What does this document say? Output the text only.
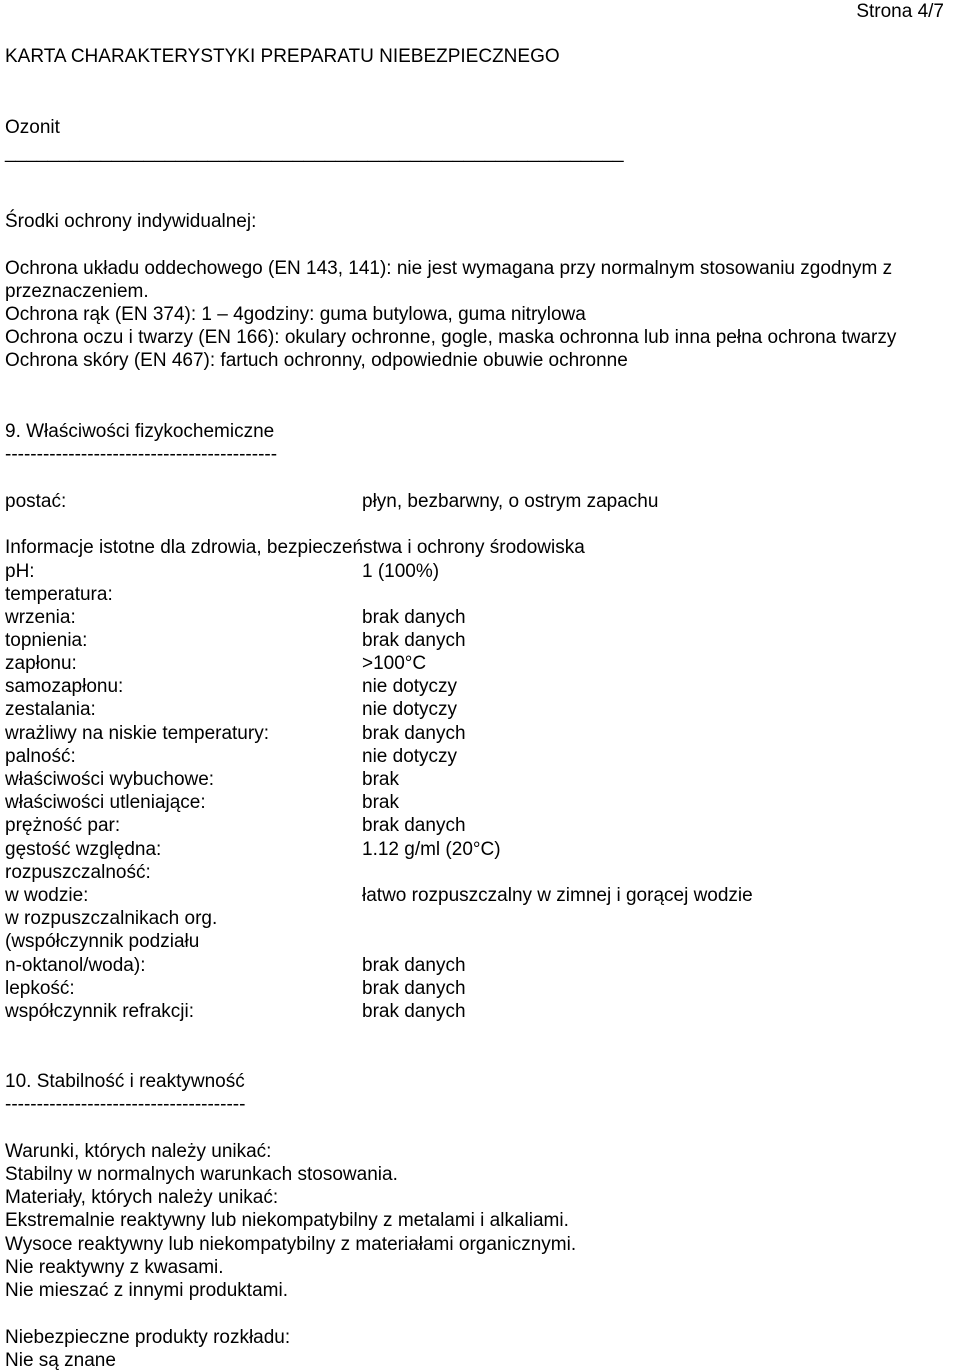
Strona 4/7
KARTA CHARAKTERYSTYKI PREPARATU NIEBEZPIECZNEGO
Ozonit
__________________________________________________________
Środki ochrony indywidualnej:
Ochrona układu oddechowego (EN 143, 141): nie jest wymagana przy normalnym stosowaniu zgodnym z
przeznaczeniem.
Ochrona rąk (EN 374): 1 – 4godziny: guma butylowa, guma nitrylowa
Ochrona oczu i twarzy (EN 166): okulary ochronne, gogle, maska ochronna lub inna pełna ochrona twarzy
Ochrona skóry (EN 467): fartuch ochronny, odpowiednie obuwie ochronne
9. Właściwości fizykochemiczne
-------------------------------------------
postać:	płyn, bezbarwny, o ostrym zapachu
Informacje istotne dla zdrowia, bezpieczeństwa i ochrony środowiska
pH:	1 (100%)
temperatura:
wrzenia:	brak danych
topnienia:	brak danych
zapłonu:	>100°C
samozapłonu:	nie dotyczy
zestalania:	nie dotyczy
wrażliwy na niskie temperatury:	brak danych
palność:	nie dotyczy
właściwości wybuchowe:	brak
właściwości utleniające:	brak
prężność par:	brak danych
gęstość względna:	1.12 g/ml (20°C)
rozpuszczalność:
w wodzie:	łatwo rozpuszczalny w zimnej i gorącej wodzie
w rozpuszczalnikach org.
(współczynnik podziału
n-oktanol/woda):	brak danych
lepkość:	brak danych
współczynnik refrakcji:	brak danych
10. Stabilność i reaktywność
--------------------------------------
Warunki, których należy unikać:
Stabilny w normalnych warunkach stosowania.
Materiały, których należy unikać:
Ekstremalnie reaktywny lub niekompatybilny z metalami i alkaliami.
Wysoce reaktywny lub niekompatybilny z materiałami organicznymi.
Nie reaktywny z kwasami.
Nie mieszać z innymi produktami.
Niebezpieczne produkty rozkładu:
Nie są znane
